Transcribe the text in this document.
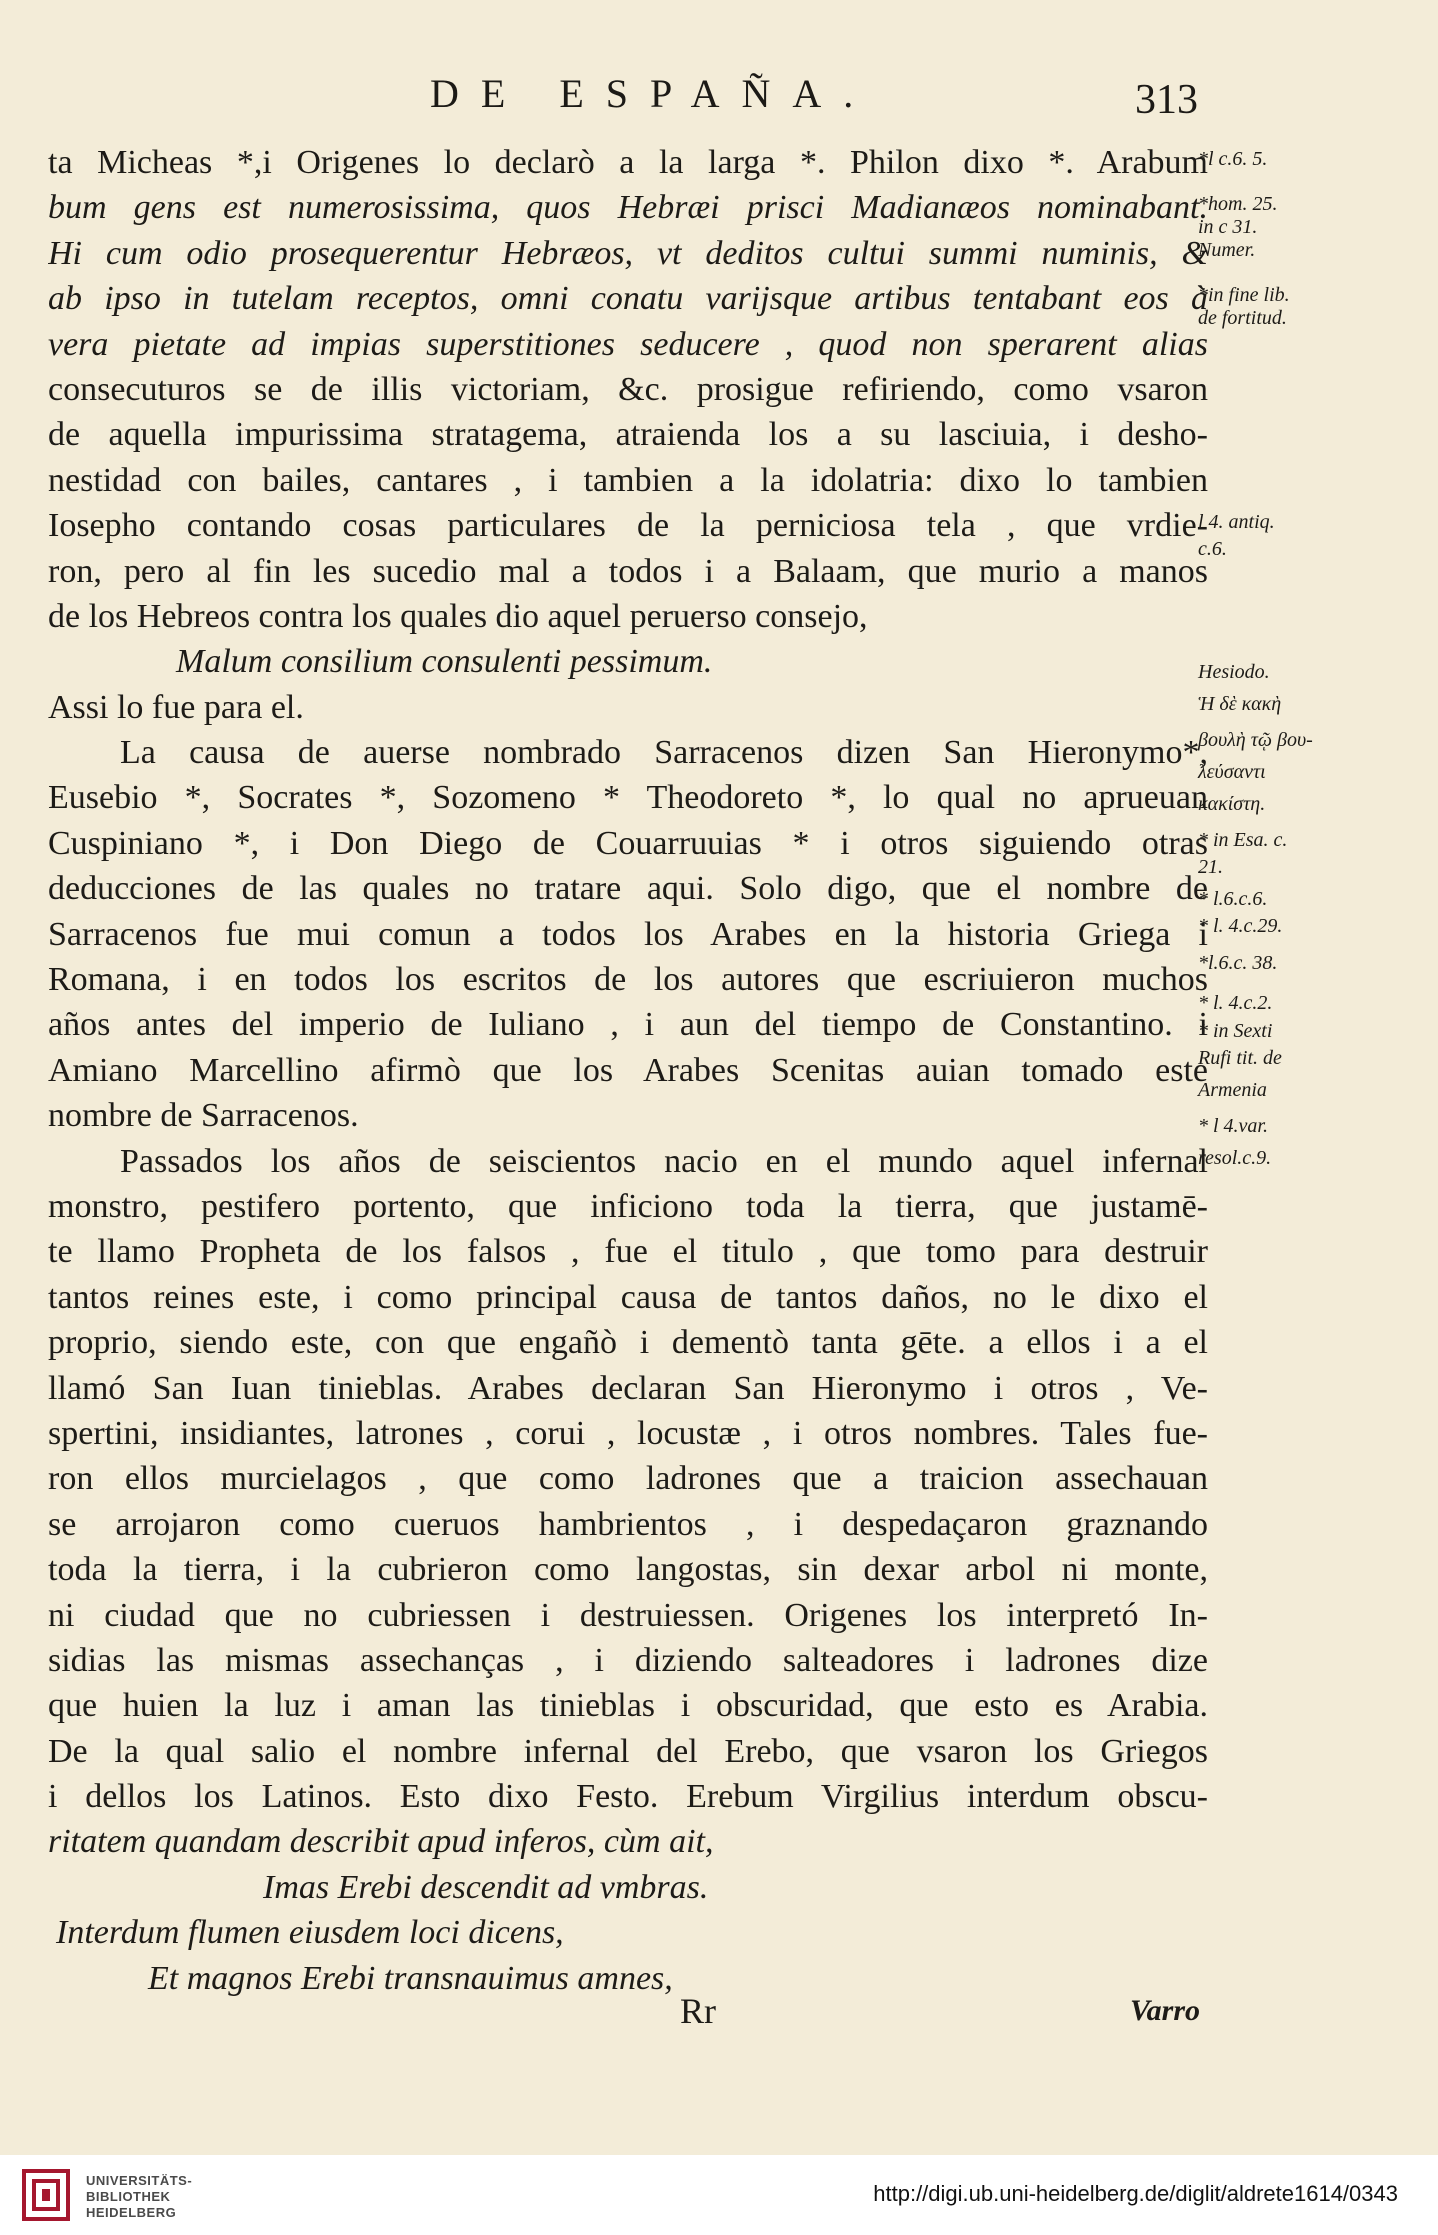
DE ESPAÑA.	313
ta Micheas *,i Origenes lo declarò a la larga *. Philon dixo *. Arabum
bum gens est numerosissima, quos Hebræi prisci Madianæos nominabant.
Hi cum odio prosequerentur Hebræos, vt deditos cultui summi numinis, &
ab ipso in tutelam receptos, omni conatu varijsque artibus tentabant eos à
vera pietate ad impias superstitiones seducere , quod non sperarent alias
consecuturos se de illis victoriam, &c. prosigue refiriendo, como vsaron
de aquella impurissima stratagema, atraienda los a su lasciuia, i desho-
nestidad con bailes, cantares , i tambien a la idolatria: dixo lo tambien
Iosepho contando cosas particulares de la perniciosa tela , que vrdie-
ron, pero al fin les sucedio mal a todos i a Balaam, que murio a manos
de los Hebreos contra los quales dio aquel peruerso consejo,
Malum consilium consulenti pessimum.
Assi lo fue para el.
La causa de auerse nombrado Sarracenos dizen San Hieronymo*,
Eusebio *, Socrates *, Sozomeno * Theodoreto *, lo qual no aprueuan
Cuspiniano *, i Don Diego de Couarruuias * i otros siguiendo otras
deducciones de las quales no tratare aqui. Solo digo, que el nombre de
Sarracenos fue mui comun a todos los Arabes en la historia Griega i
Romana, i en todos los escritos de los autores que escriuieron muchos
años antes del imperio de Iuliano , i aun del tiempo de Constantino. i
Amiano Marcellino afirmò que los Arabes Scenitas auian tomado este
nombre de Sarracenos.
Passados los años de seiscientos nacio en el mundo aquel infernal
monstro, pestifero portento, que inficiono toda la tierra, que justamē-
te llamo Propheta de los falsos , fue el titulo , que tomo para destruir
tantos reines este, i como principal causa de tantos daños, no le dixo el
proprio, siendo este, con que engañò i dementò tanta gēte. a ellos i a el
llamó San Iuan tinieblas. Arabes declaran San Hieronymo i otros , Ve-
spertini, insidiantes, latrones , corui , locustæ , i otros nombres. Tales fue-
ron ellos murcielagos , que como ladrones que a traicion assechauan
se arrojaron como cueruos hambrientos , i despedaçaron graznando
toda la tierra, i la cubrieron como langostas, sin dexar arbol ni monte,
ni ciudad que no cubriessen i destruiessen. Origenes los interpretó In-
sidias las mismas assechanças , i diziendo salteadores i ladrones dize
que huien la luz i aman las tinieblas i obscuridad, que esto es Arabia.
De la qual salio el nombre infernal del Erebo, que vsaron los Griegos
i dellos los Latinos. Esto dixo Festo. Erebum Virgilius interdum obscu-
ritatem quandam describit apud inferos, cùm ait,
Imas Erebi descendit ad vmbras.
Interdum flumen eiusdem loci dicens,
Et magnos Erebi transnauimus amnes,
*l c.6. 5.
*hom. 25.
in c 31.
Numer.
*in fine lib.
de fortitud.
l 4. antiq.
c.6.
Hesiodo.
Ἡ δὲ κακὴ
βουλὴ τῷ βου-
λεύσαντι
κακίστη.
* in Esa. c.
21.
* l.6.c.6.
* l. 4.c.29.
*l.6.c. 38.
* l. 4.c.2.
* in Sexti
Rufi tit. de
Armenia
* l 4.var.
resol.c.9.
Rr	Varro
UNIVERSITÄTS-
BIBLIOTHEK
HEIDELBERG
http://digi.ub.uni-heidelberg.de/diglit/aldrete1614/0343
